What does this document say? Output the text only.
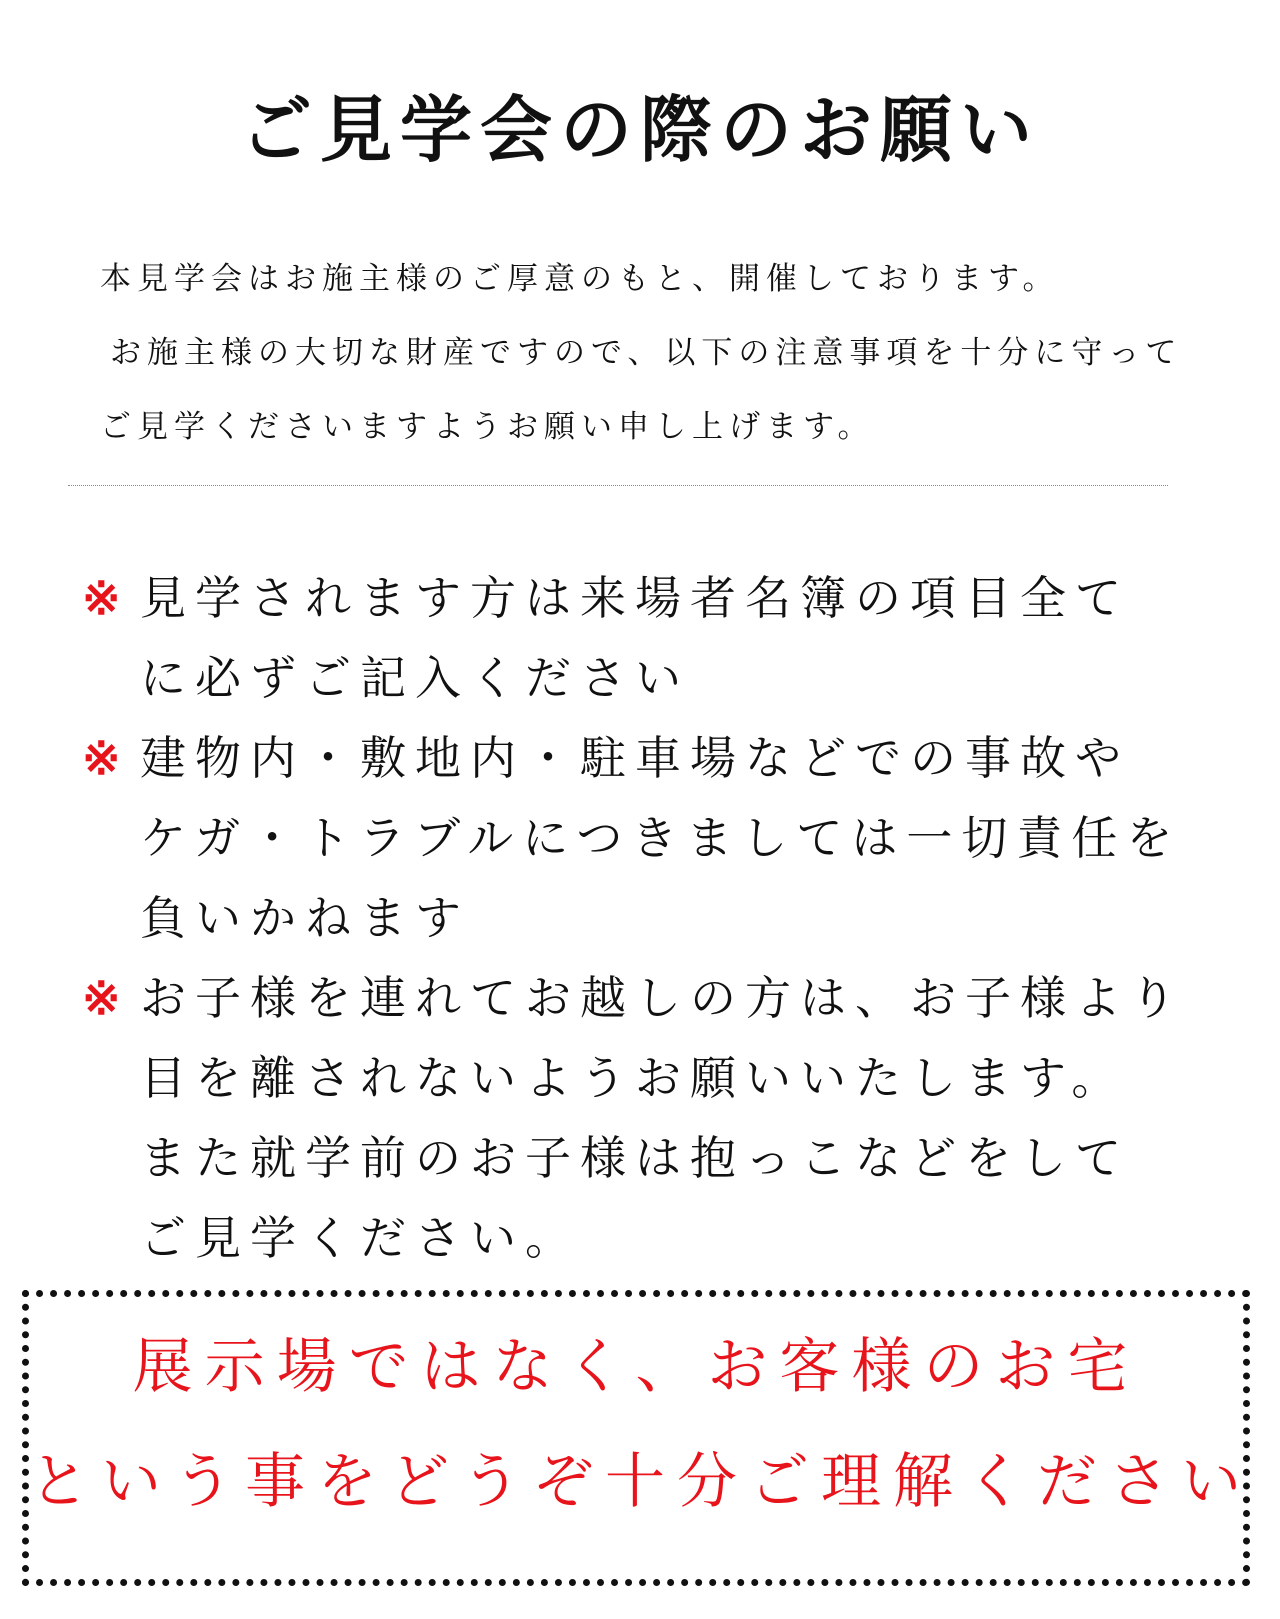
ご見学会の際のお願い
本見学会はお施主様のご厚意のもと、開催しております。
お施主様の大切な財産ですので、以下の注意事項を十分に守って
ご見学くださいますようお願い申し上げます。
※ 見学されます方は来場者名簿の項目全て
に必ずご記入ください
※ 建物内・敷地内・駐車場などでの事故や
ケガ・トラブルにつきましては一切責任を
負いかねます
※ お子様を連れてお越しの方は、お子様より
目を離されないようお願いいたします。
また就学前のお子様は抱っこなどをして
ご見学ください。
展示場ではなく、お客様のお宅
という事をどうぞ十分ご理解ください
